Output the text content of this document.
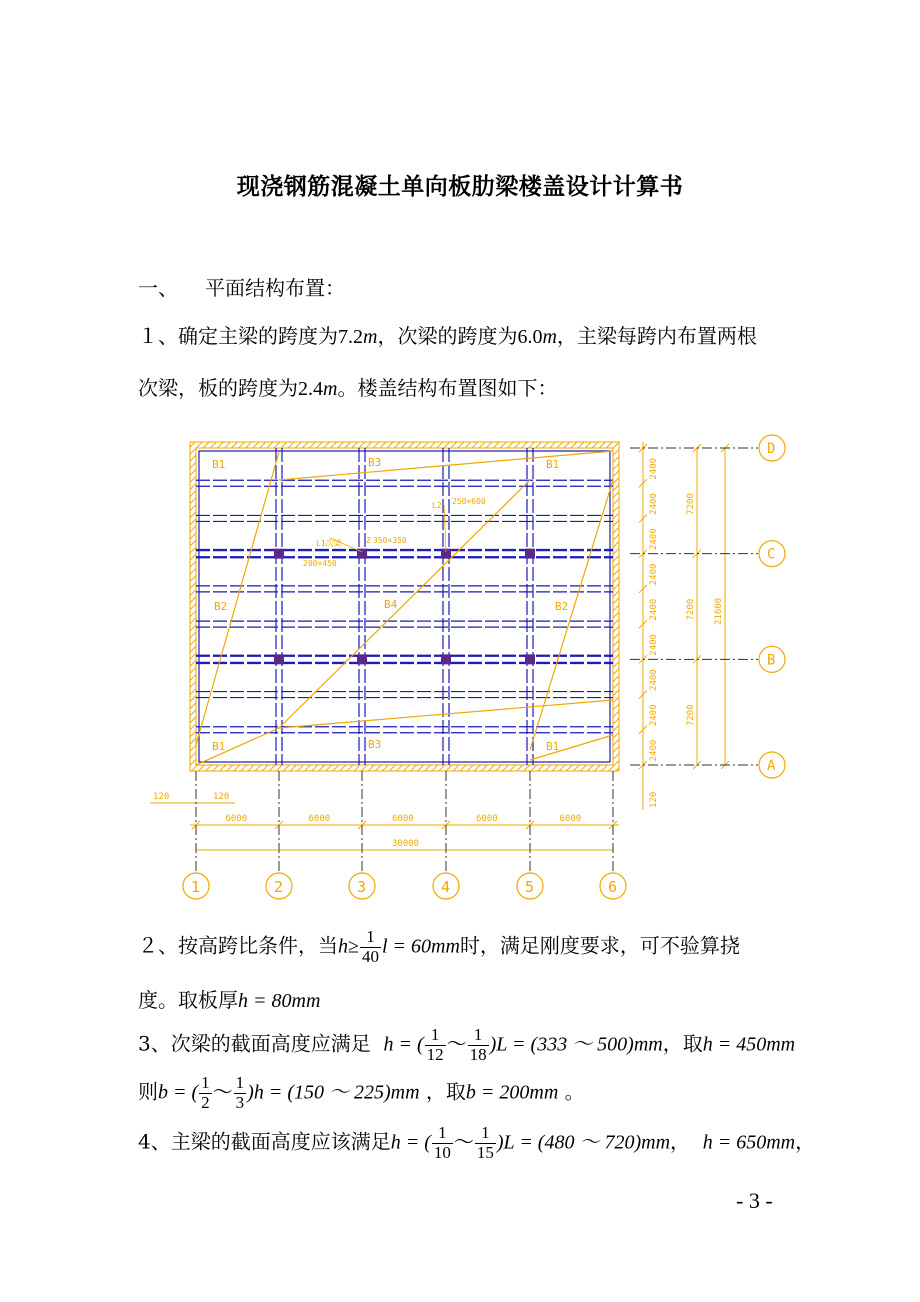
现浇钢筋混凝土单向板肋梁楼盖设计计算书
一、 平面结构布置：
１、确定主梁的跨度为7.2m，次梁的跨度为6.0m，主梁每跨内布置两根
次梁，板的跨度为2.4m。楼盖结构布置图如下：
B1	B3	B1
B2	B4	B2
B1	B3	B1
L2 250×600
L1次梁
200×450
Z 350×350
6000	6000	6000	6000	6000
30000
120	120
1	2	3	4	5	6
2400
2400
2400
2400
2400
2400
2400
2400
2400
120
7200
7200
7200
21600
A
B
C
D
２、按高跨比条件，当$h\ge \frac{1}{40}$ l = 60mm时，满足刚度要求，可不验算挠
度。取板厚h = 80mm
3、次梁的截面高度应满足 h = ( $\frac{1}{12}$ ～ $\frac{1}{18} )L = (333$ ～ 500)mm，取h = 450mm
则b = ( $\frac{1}{2}$ ～ $\frac{1}{3} )h = (150$ ～ 225)mm ，取b = 200mm 。
4、主梁的截面高度应该满足h = ( $\frac{1}{10}$ ～ $\frac{1}{15} )L = (480$ ～ 720)mm， h = 650mm，
- 3 -
